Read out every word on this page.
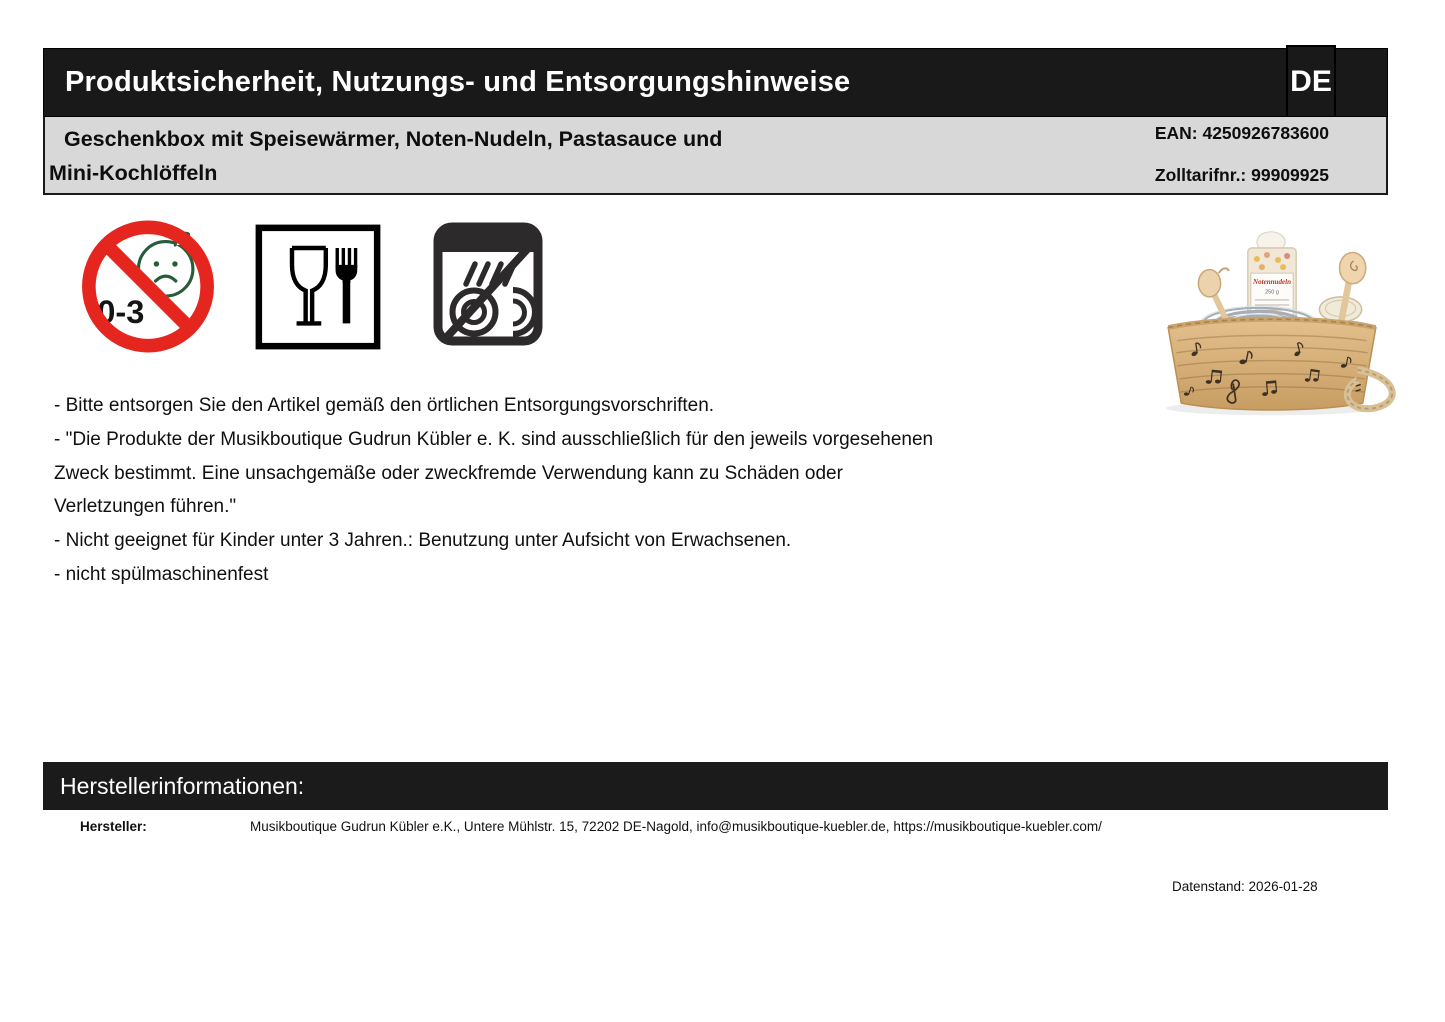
Produktsicherheit, Nutzungs- und Entsorgungshinweise	DE
Geschenkbox mit Speisewärmer, Noten-Nudeln, Pastasauce und
Mini-Kochlöffeln
EAN: 4250926783600
Zolltarifnr.: 99909925
0-3
Notennudeln
250 g
- Bitte entsorgen Sie den Artikel gemäß den örtlichen Entsorgungsvorschriften.
- "Die Produkte der Musikboutique Gudrun Kübler e. K. sind ausschließlich für den jeweils vorgesehenen
Zweck bestimmt. Eine unsachgemäße oder zweckfremde Verwendung kann zu Schäden oder
Verletzungen führen."
- Nicht geeignet für Kinder unter 3 Jahren.: Benutzung unter Aufsicht von Erwachsenen.
- nicht spülmaschinenfest
Herstellerinformationen:
Hersteller:	Musikboutique Gudrun Kübler e.K., Untere Mühlstr. 15, 72202 DE-Nagold, info@musikboutique-kuebler.de, https://musikboutique-kuebler.com/
Datenstand: 2026-01-28
